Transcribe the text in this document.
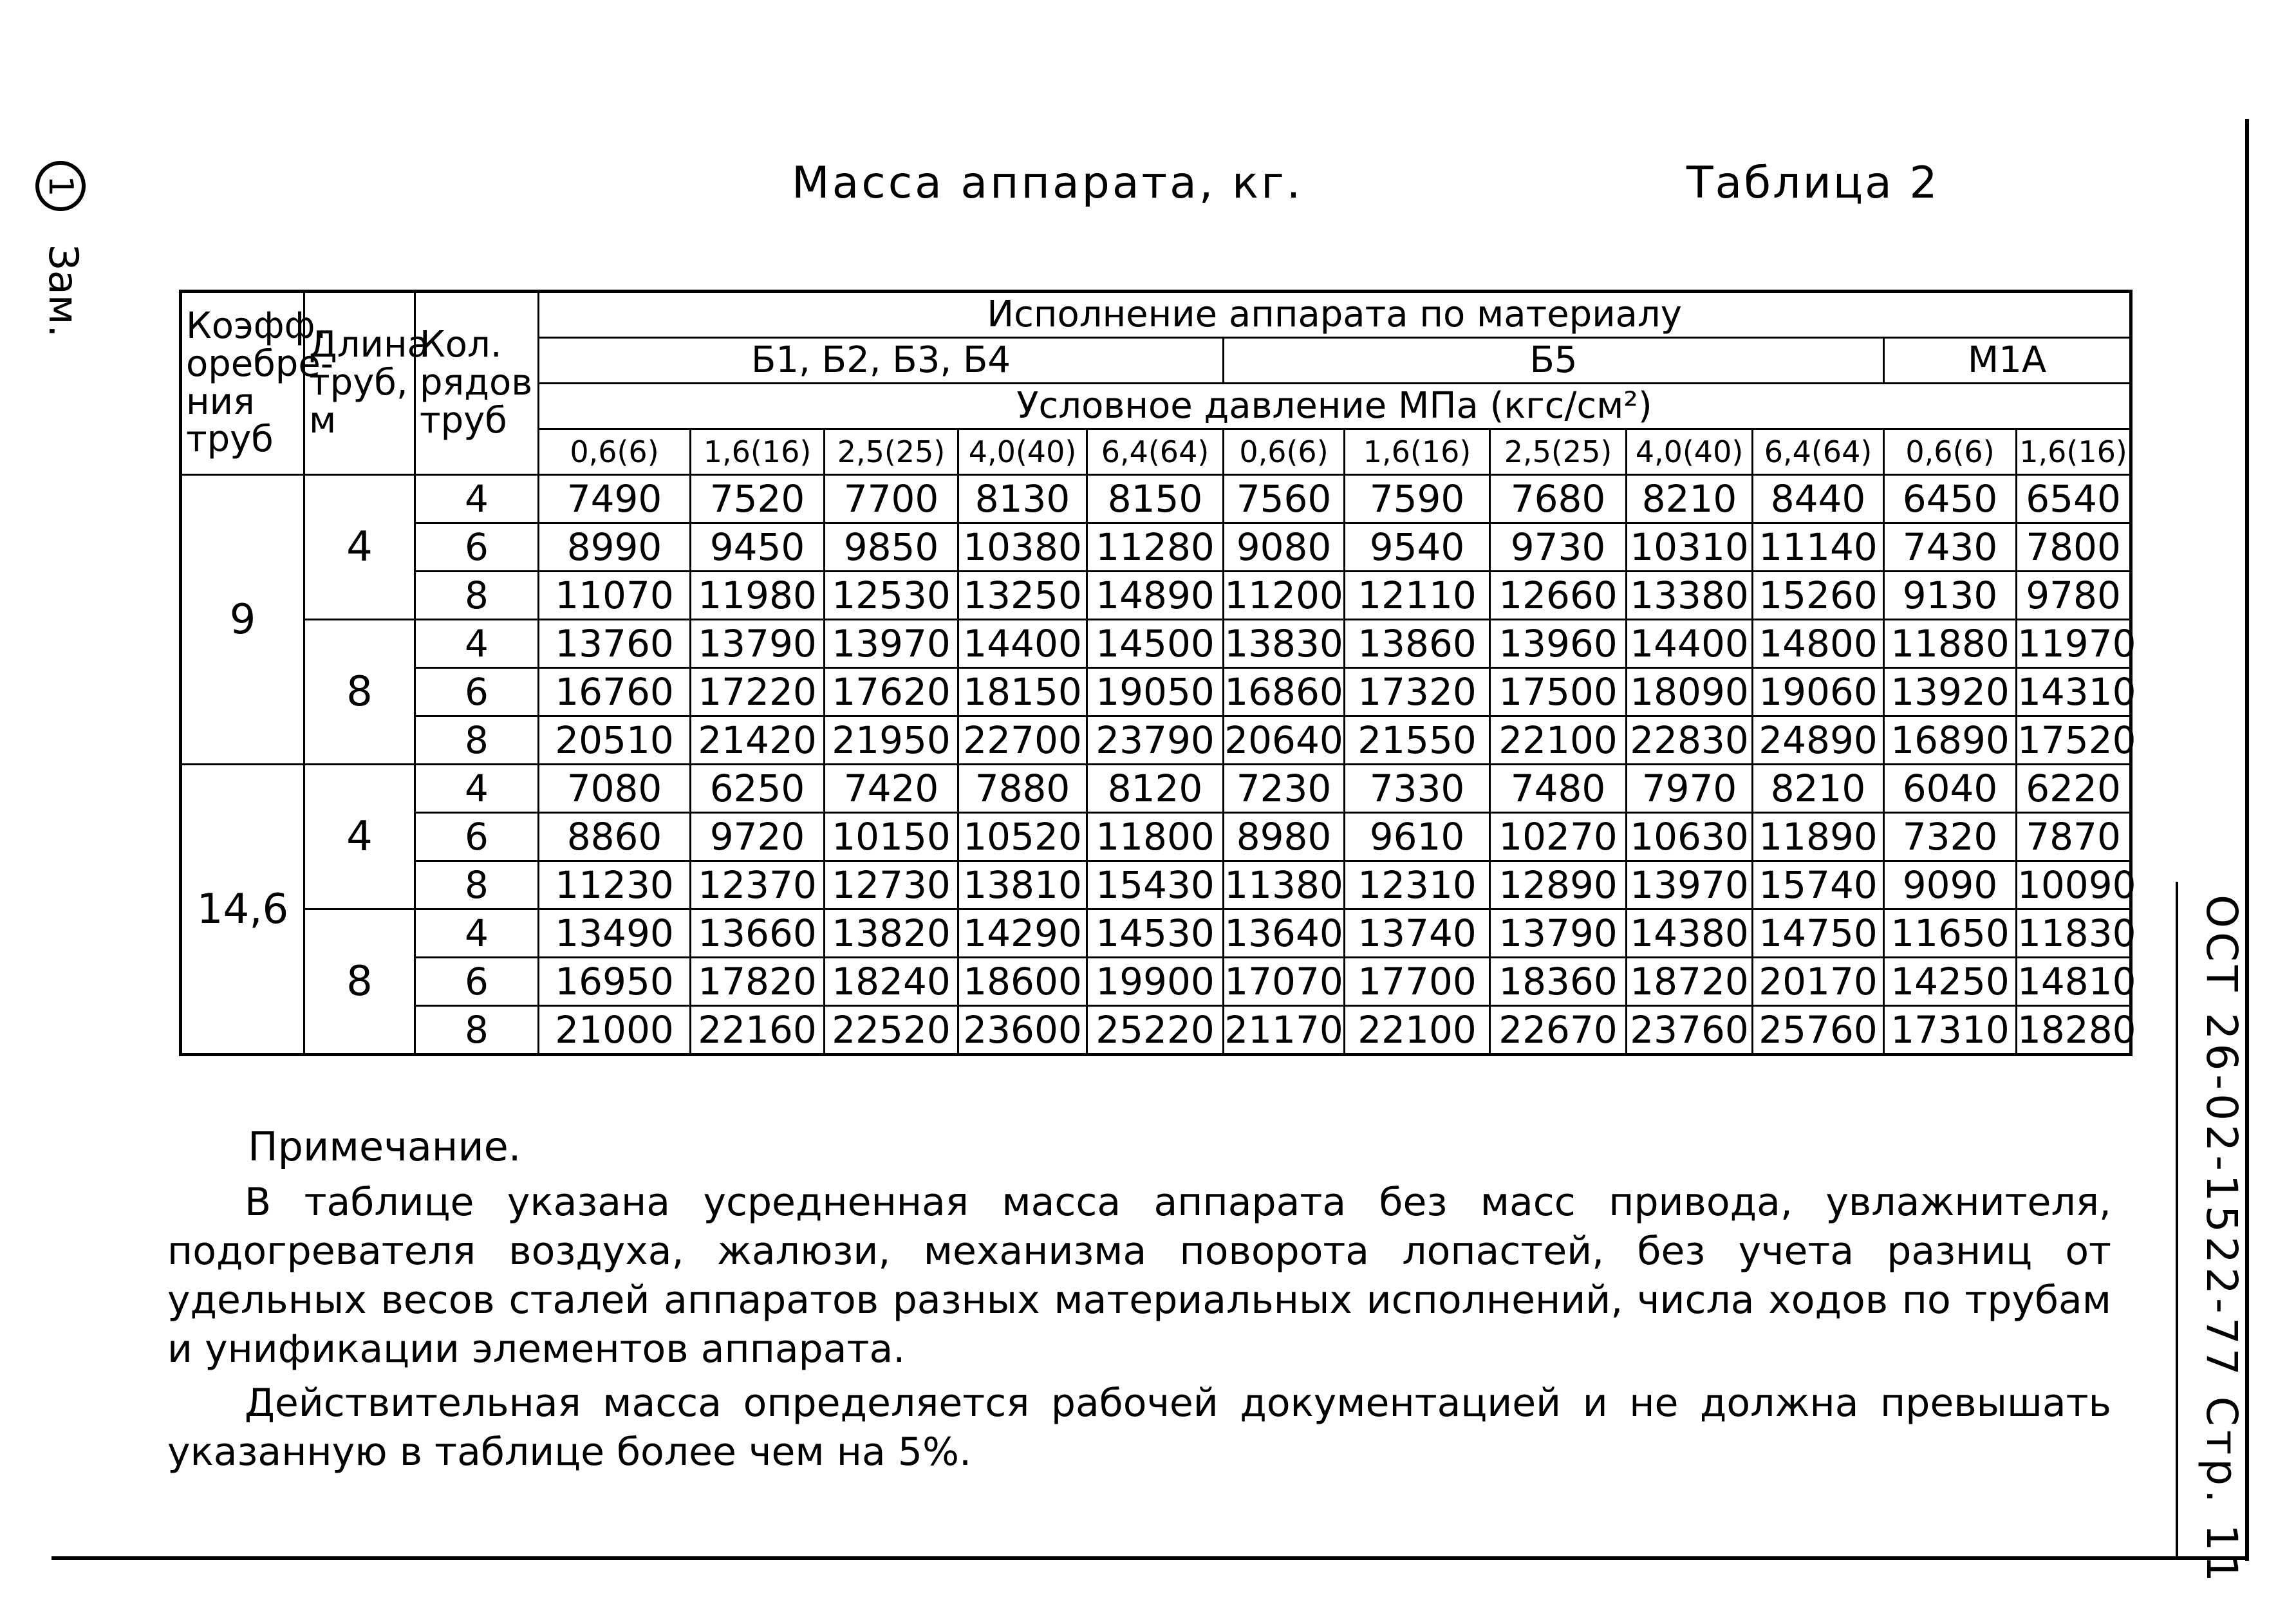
1
Зам.
Масса аппарата, кг.	Таблица 2
Коэфф. оребре- ния труб	Длина труб, м	Кол. рядов труб	Исполнение аппарата по материалу											
			Б1, Б2, Б3, Б4					Б5					М1А	
			Условное давление МПа (кгс/см²)											
			0,6(6)	1,6(16)	2,5(25)	4,0(40)	6,4(64)	0,6(6)	1,6(16)	2,5(25)	4,0(40)	6,4(64)	0,6(6)	1,6(16)
9	4	4	7490	7520	7700	8130	8150	7560	7590	7680	8210	8440	6450	6540
		6	8990	9450	9850	10380	11280	9080	9540	9730	10310	11140	7430	7800
		8	11070	11980	12530	13250	14890	11200	12110	12660	13380	15260	9130	9780
	8	4	13760	13790	13970	14400	14500	13830	13860	13960	14400	14800	11880	11970
		6	16760	17220	17620	18150	19050	16860	17320	17500	18090	19060	13920	14310
		8	20510	21420	21950	22700	23790	20640	21550	22100	22830	24890	16890	17520
14,6	4	4	7080	6250	7420	7880	8120	7230	7330	7480	7970	8210	6040	6220
		6	8860	9720	10150	10520	11800	8980	9610	10270	10630	11890	7320	7870
		8	11230	12370	12730	13810	15430	11380	12310	12890	13970	15740	9090	10090
	8	4	13490	13660	13820	14290	14530	13640	13740	13790	14380	14750	11650	11830
		6	16950	17820	18240	18600	19900	17070	17700	18360	18720	20170	14250	14810
		8	21000	22160	22520	23600	25220	21170	22100	22670	23760	25760	17310	18280
Примечание.

В таблице указана усредненная масса аппарата без масс привода, увлажнителя, подогревателя воздуха, жалюзи, механизма поворота лопастей, без учета разниц от удельных весов сталей аппаратов разных материальных исполнений, числа ходов по трубам и унификации элементов аппарата.

Действительная масса определяется рабочей документацией и не должна превышать указанную в таблице более чем на 5%.	ОСТ 26-02-1522-77 Стр. 11
